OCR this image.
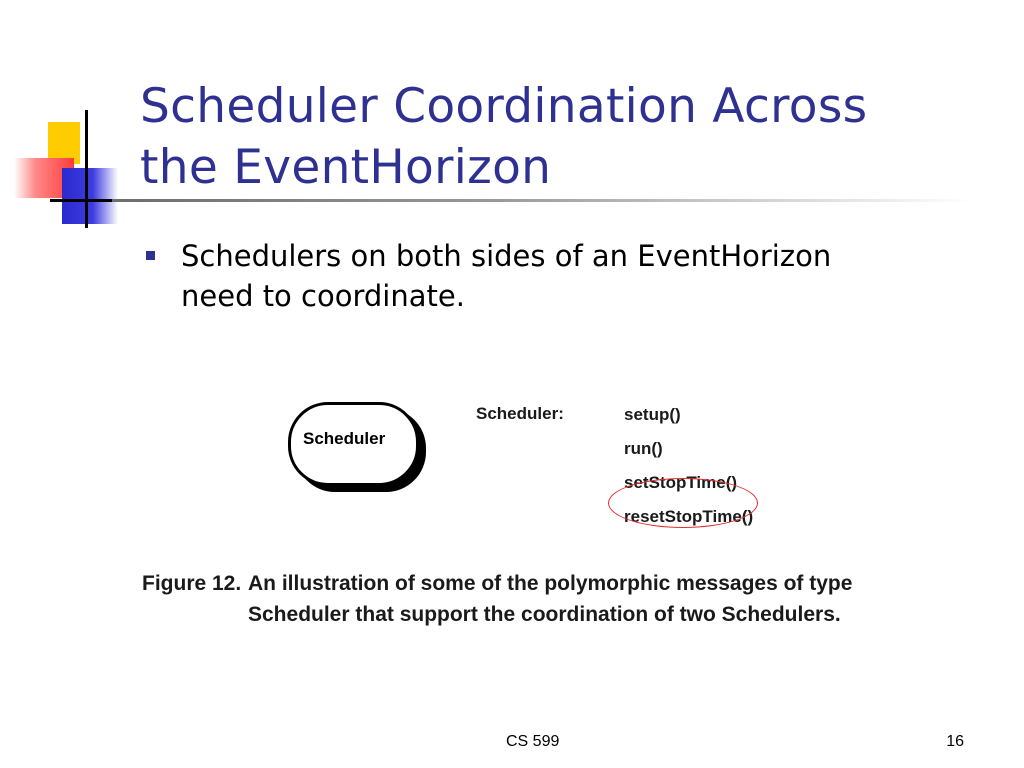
Scheduler Coordination Across
the EventHorizon
Schedulers on both sides of an EventHorizon
need to coordinate.
Scheduler
Scheduler:	setup()
run()
setStopTime()
resetStopTime()
Figure 12. An illustration of some of the polymorphic messages of type
Scheduler that support the coordination of two Schedulers.
CS 599	16
